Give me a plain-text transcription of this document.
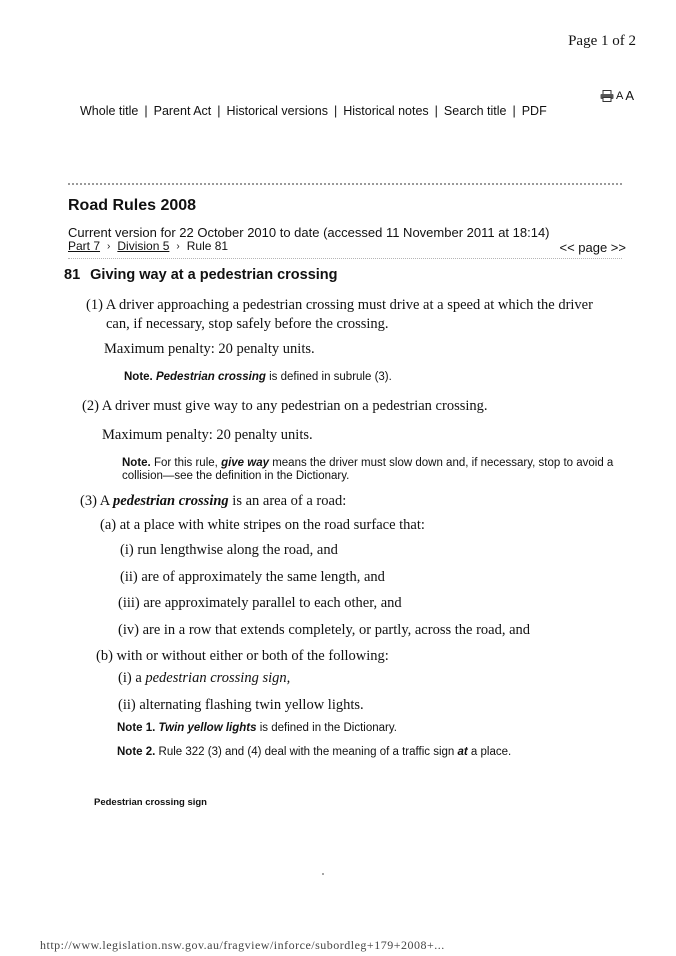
Page 1 of 2
A A
Whole title | Parent Act | Historical versions | Historical notes | Search title | PDF
Road Rules 2008
Current version for 22 October 2010 to date (accessed 11 November 2011 at 18:14)
Part 7 › Division 5 › Rule 81	<< page >>
81 Giving way at a pedestrian crossing
(1) A driver approaching a pedestrian crossing must drive at a speed at which the driver can, if necessary, stop safely before the crossing.
Maximum penalty: 20 penalty units.
Note. Pedestrian crossing is defined in subrule (3).
(2) A driver must give way to any pedestrian on a pedestrian crossing.
Maximum penalty: 20 penalty units.
Note. For this rule, give way means the driver must slow down and, if necessary, stop to avoid a collision—see the definition in the Dictionary.
(3) A pedestrian crossing is an area of a road:
(a) at a place with white stripes on the road surface that:
(i) run lengthwise along the road, and
(ii) are of approximately the same length, and
(iii) are approximately parallel to each other, and
(iv) are in a row that extends completely, or partly, across the road, and
(b) with or without either or both of the following:
(i) a pedestrian crossing sign,
(ii) alternating flashing twin yellow lights.
Note 1. Twin yellow lights is defined in the Dictionary.
Note 2. Rule 322 (3) and (4) deal with the meaning of a traffic sign at a place.
Pedestrian crossing sign
http://www.legislation.nsw.gov.au/fragview/inforce/subordleg+179+2008+...
